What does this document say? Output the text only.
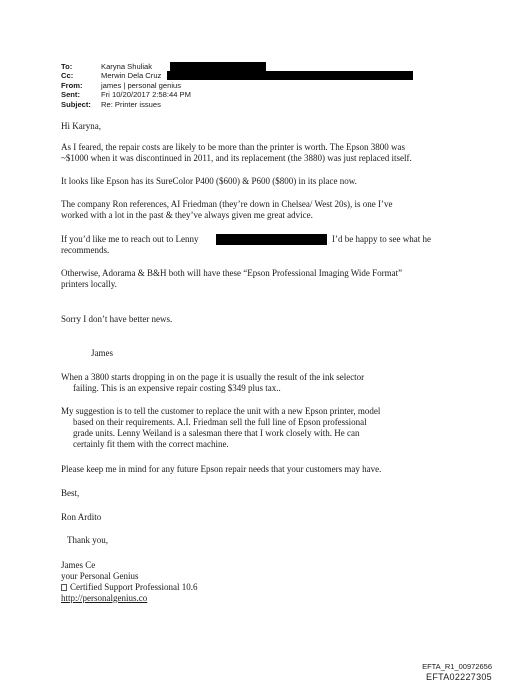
To:	Karyna Shuliak
Cc:	Merwin Dela Cruz
From:	james | personal genius
Sent:	Fri 10/20/2017 2:58:44 PM
Subject:	Re: Printer issues
Hi Karyna,
As I feared, the repair costs are likely to be more than the printer is worth. The Epson 3800 was
~$1000 when it was discontinued in 2011, and its replacement (the 3880) was just replaced itself.
It looks like Epson has its SureColor P400 ($600) & P600 ($800) in its place now.
The company Ron references, AI Friedman (they’re down in Chelsea/ West 20s), is one I’ve
worked with a lot in the past & they’ve always given me great advice.
If you’d like me to reach out to Lenny	I’d be happy to see what he
recommends.
Otherwise, Adorama & B&H both will have these “Epson Professional Imaging Wide Format”
printers locally.
Sorry I don’t have better news.
James
When a 3800 starts dropping in on the page it is usually the result of the ink selector
failing. This is an expensive repair costing $349 plus tax..
My suggestion is to tell the customer to replace the unit with a new Epson printer, model
based on their requirements. A.I. Friedman sell the full line of Epson professional
grade units. Lenny Weiland is a salesman there that I work closely with. He can
certainly fit them with the correct machine.
Please keep me in mind for any future Epson repair needs that your customers may have.
Best,
Ron Ardito
Thank you,
James Ce
your Personal Genius
Certified Support Professional 10.6
http://personalgenius.co
EFTA_R1_00972656
EFTA02227305
